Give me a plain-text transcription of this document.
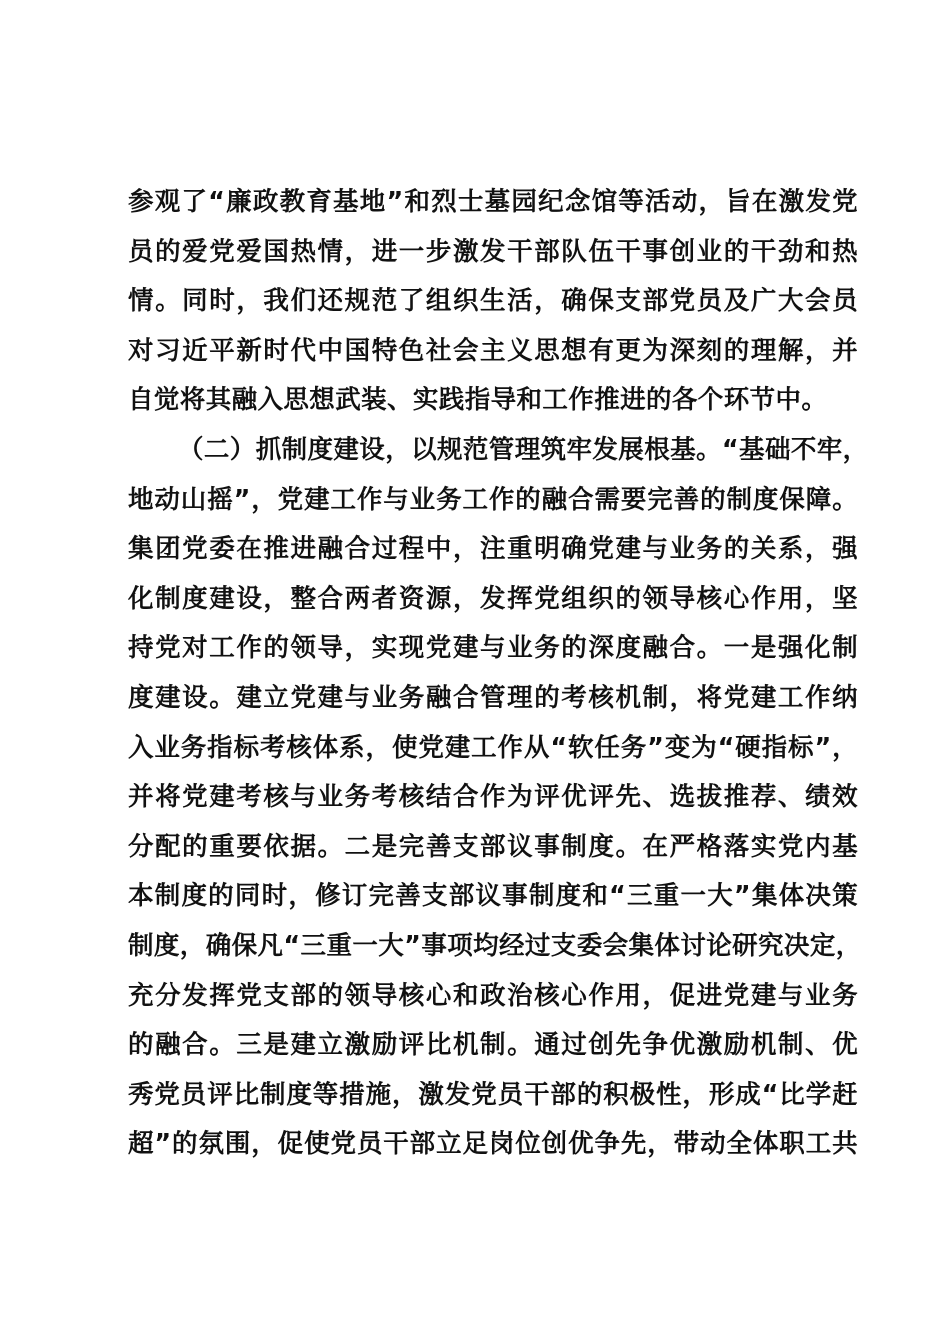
参观了“廉政教育基地”和烈士墓园纪念馆等活动，旨在激发党
员的爱党爱国热情，进一步激发干部队伍干事创业的干劲和热
情。同时，我们还规范了组织生活，确保支部党员及广大会员
对习近平新时代中国特色社会主义思想有更为深刻的理解，并
自觉将其融入思想武装、实践指导和工作推进的各个环节中。
（二）抓制度建设，以规范管理筑牢发展根基。“基础不牢，
地动山摇”，党建工作与业务工作的融合需要完善的制度保障。
集团党委在推进融合过程中，注重明确党建与业务的关系，强
化制度建设，整合两者资源，发挥党组织的领导核心作用，坚
持党对工作的领导，实现党建与业务的深度融合。一是强化制
度建设。建立党建与业务融合管理的考核机制，将党建工作纳
入业务指标考核体系，使党建工作从“软任务”变为“硬指标”，
并将党建考核与业务考核结合作为评优评先、选拔推荐、绩效
分配的重要依据。二是完善支部议事制度。在严格落实党内基
本制度的同时，修订完善支部议事制度和“三重一大”集体决策
制度，确保凡“三重一大”事项均经过支委会集体讨论研究决定，
充分发挥党支部的领导核心和政治核心作用，促进党建与业务
的融合。三是建立激励评比机制。通过创先争优激励机制、优
秀党员评比制度等措施，激发党员干部的积极性，形成“比学赶
超”的氛围，促使党员干部立足岗位创优争先，带动全体职工共
